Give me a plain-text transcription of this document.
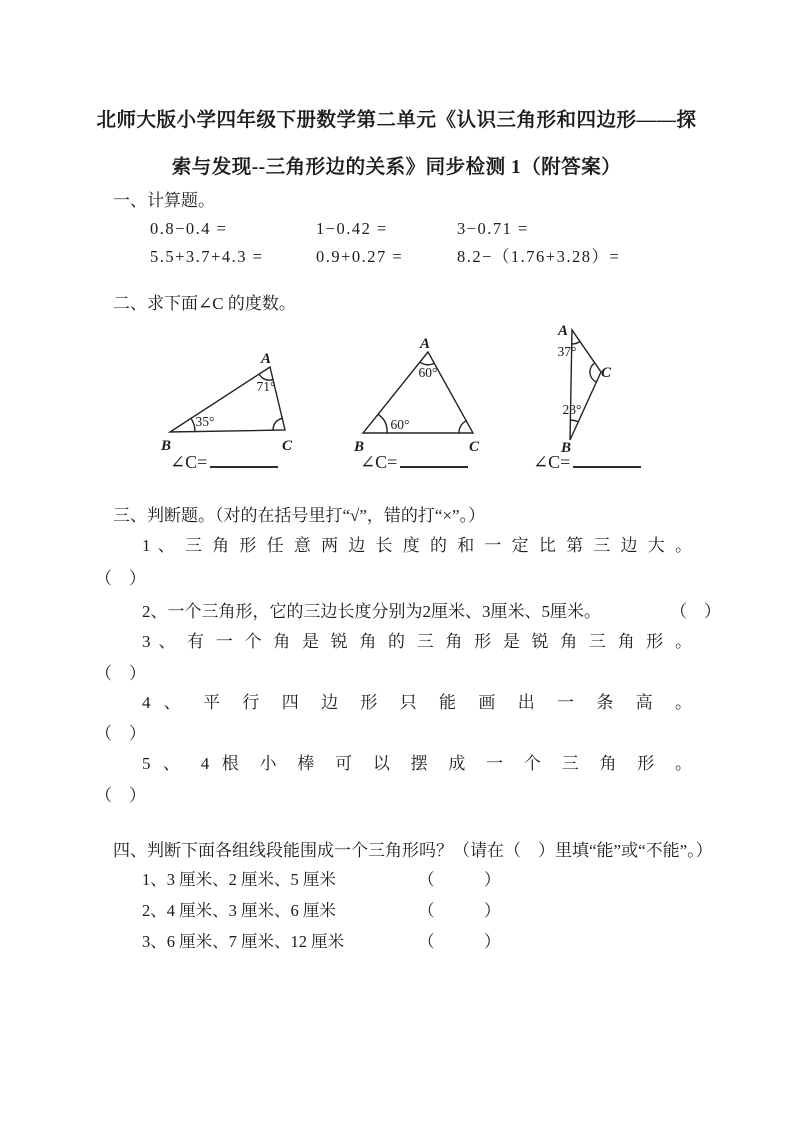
北师大版小学四年级下册数学第二单元《认识三角形和四边形——探
索与发现--三角形边的关系》同步检测 1（附答案）
一、计算题。
0.8−0.4 =	1−0.42 =	3−0.71 =
5.5+3.7+4.3 =	0.9+0.27 =	8.2−（1.76+3.28）=
二、求下面∠C 的度数。
A
B	C
71°
35°
A
B	C
60°
60°
A
B
C
37°
23°
∠C=	∠C=	∠C=
三、判断题。（对的在括号里打“√”，错的打“×”。）
1 、 三 角 形 任 意 两 边 长 度 的 和 一 定 比 第 三 边 大 。
（　）
2、一个三角形，它的三边长度分别为2厘米、3厘米、5厘米。	（　）
3 、 有 一 个 角 是 锐 角 的 三 角 形 是 锐 角 三 角 形 。
（　）
4 、 平 行 四 边 形 只 能 画 出 一 条 高 。
（　）
5 、 4 根 小 棒 可 以 摆 成 一 个 三 角 形 。
（　）
四、判断下面各组线段能围成一个三角形吗？（请在（　）里填“能”或“不能”。）
1、3 厘米、2 厘米、5 厘米	（　　　）
2、4 厘米、3 厘米、6 厘米	（　　　）
3、6 厘米、7 厘米、12 厘米	（　　　）
